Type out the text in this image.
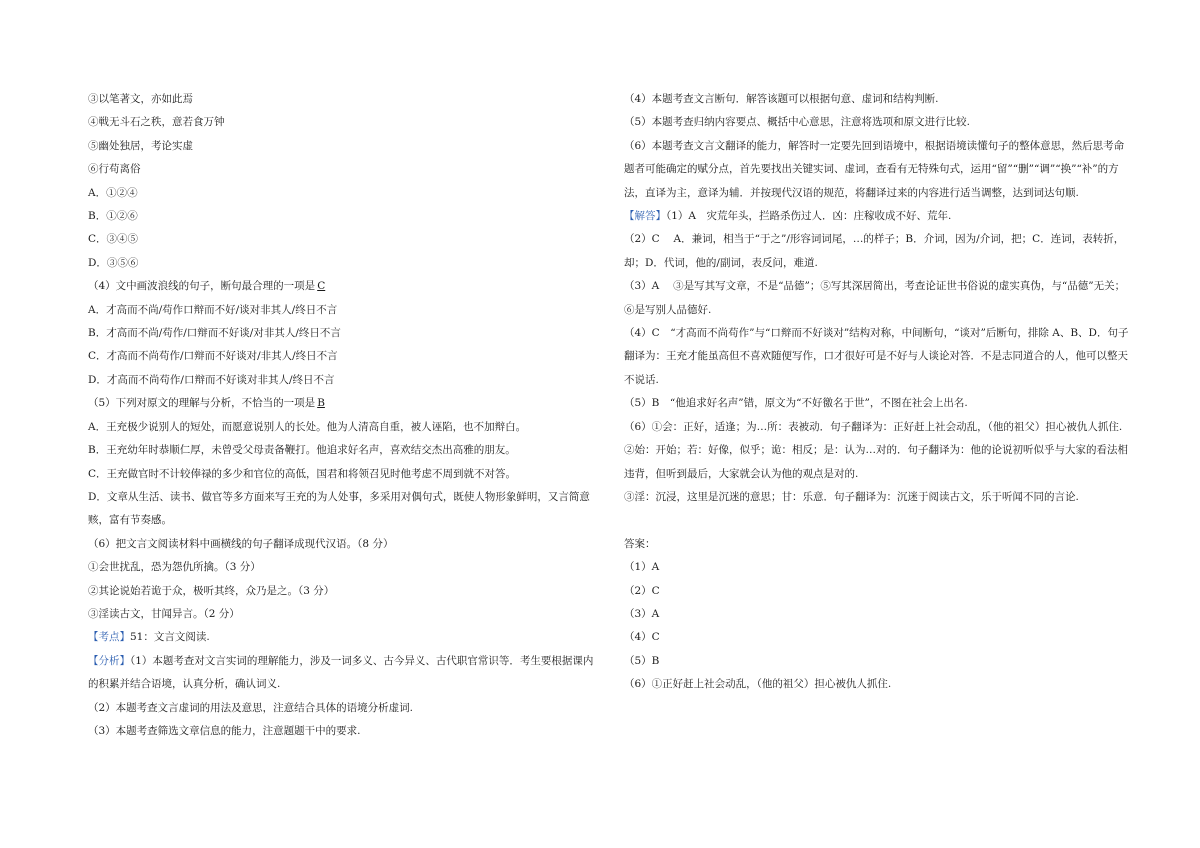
③以笔著文，亦如此焉
④戦无斗石之秩，意若食万钟
⑤幽处独居，考论实虚
⑥行苟离俗
A．①②④
B．①②⑥
C．③④⑤
D．③⑤⑥
（4）文中画波浪线的句子，断句最合理的一项是 C
A．才高而不尚/苟作口辩而不好/谈对非其人/终日不言
B．才高而不尚/苟作/口辩而不好谈/对非其人/终日不言
C．才高而不尚苟作/口辩而不好谈对/非其人/终日不言
D．才高而不尚苟作/口辩而不好谈对非其人/终日不言
（5）下列对原文的理解与分析，不恰当的一项是 B
A．王充极少说别人的短处，而愿意说别人的长处。他为人清高自重，被人诬陷，也不加辩白。
B．王充幼年时恭顺仁厚，未曾受父母责备鞭打。他追求好名声，喜欢结交杰出高雅的朋友。
C．王充做官时不计较俸禄的多少和官位的高低，国君和将领召见时他考虑不周到就不对答。
D．文章从生活、读书、做官等多方面来写王充的为人处事，多采用对偶句式，既使人物形象鲜明，又言简意赅，富有节奏感。
（6）把文言文阅读材料中画横线的句子翻译成现代汉语。（8 分）
①会世扰乱，恐为怨仇所擒。（3 分）
②其论说始若诡于众，极听其终，众乃是之。（3 分）
③淫读古文，甘闻异言。（2 分）
【考点】51：文言文阅读.
【分析】（1）本题考查对文言实词的理解能力，涉及一词多义、古今异义、古代职官常识等．考生要根据课内的积累并结合语境，认真分析，确认词义.
（2）本题考查文言虚词的用法及意思，注意结合具体的语境分析虚词.
（3）本题考查筛选文章信息的能力，注意题题干中的要求.
（4）本题考查文言断句．解答该题可以根据句意、虚词和结构判断.
（5）本题考查归纳内容要点、概括中心意思，注意将选项和原文进行比较.
（6）本题考查文言文翻译的能力，解答时一定要先回到语境中，根据语境读懂句子的整体意思，然后思考命题者可能确定的赋分点，首先要找出关键实词、虚词，查看有无特殊句式，运用“留”“删”“调”“换”“补”的方法，直译为主，意译为辅．并按现代汉语的规范，将翻译过来的内容进行适当调整，达到词达句顺.
【解答】（1）A　灾荒年头，拦路杀伤过人．凶：庄稼收成不好、荒年.
（2）C　 A．兼词，相当于“于之”/形容词词尾，…的样子；B．介词，因为/介词，把；C．连词，表转折，却；D．代词，他的/副词，表反问，难道.
（3）A　 ③是写其写文章，不是“品德”；⑤写其深居简出，考查论证世书俗说的虚实真伪，与“品德”无关；⑥是写别人品德好.
（4）C　“才高而不尚苟作”与“口辩而不好谈对”结构对称，中间断句，“谈对”后断句，排除 A、B、D．句子翻译为：王充才能虽高但不喜欢随便写作，口才很好可是不好与人谈论对答．不是志同道合的人，他可以整天不说话.
（5）B　“他追求好名声”错，原文为“不好徼名于世”，不图在社会上出名.
（6）①会：正好，适逢；为…所：表被动．句子翻译为：正好赶上社会动乱，（他的祖父）担心被仇人抓住.
②始：开始；若：好像，似乎；诡：相反；是：认为…对的．句子翻译为：他的论说初听似乎与大家的看法相违背，但听到最后，大家就会认为他的观点是对的.
③淫：沉浸，这里是沉迷的意思；甘：乐意．句子翻译为：沉迷于阅读古文，乐于听闻不同的言论.
答案：
（1）A
（2）C
（3）A
（4）C
（5）B
（6）①正好赶上社会动乱，（他的祖父）担心被仇人抓住.
